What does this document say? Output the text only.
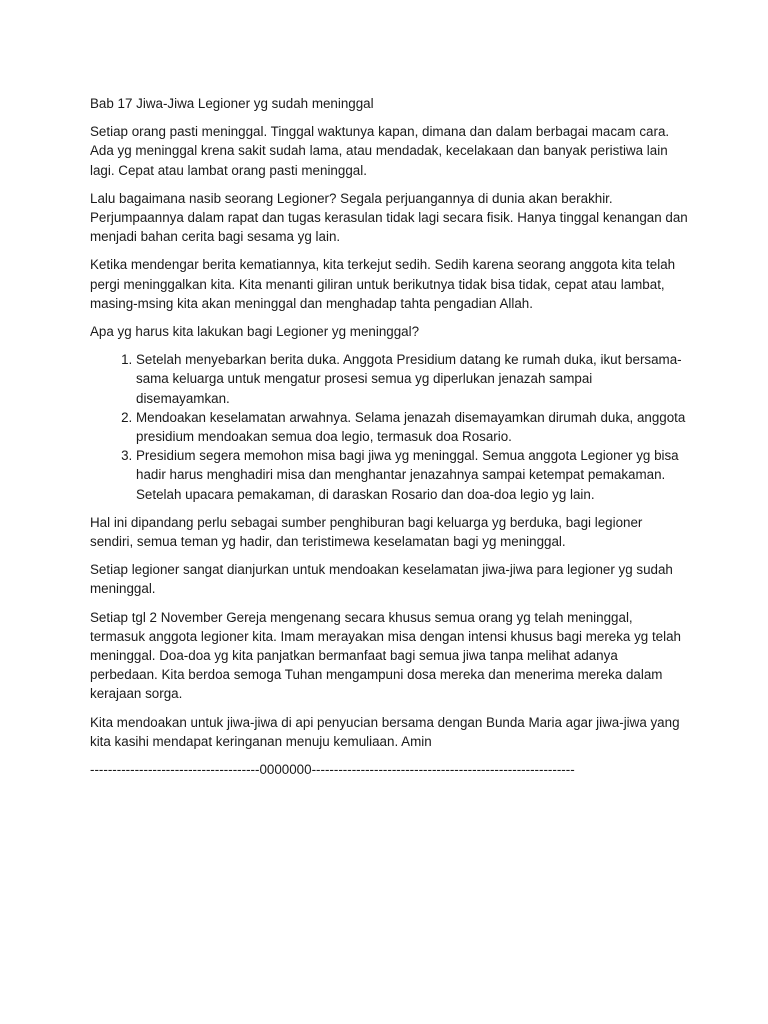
Bab 17 Jiwa-Jiwa Legioner yg sudah meninggal

Setiap orang pasti meninggal. Tinggal waktunya kapan, dimana dan dalam berbagai macam cara. Ada yg meninggal krena sakit sudah lama, atau mendadak, kecelakaan dan banyak peristiwa lain lagi. Cepat atau lambat orang pasti meninggal.

Lalu bagaimana nasib seorang Legioner? Segala perjuangannya di dunia akan berakhir. Perjumpaannya dalam rapat dan tugas kerasulan tidak lagi secara fisik. Hanya tinggal kenangan dan menjadi bahan cerita bagi sesama yg lain.

Ketika mendengar berita kematiannya, kita terkejut sedih. Sedih karena seorang anggota kita telah pergi meninggalkan kita. Kita menanti giliran untuk berikutnya tidak bisa tidak, cepat atau lambat, masing-msing kita akan meninggal dan menghadap tahta pengadian Allah.

Apa yg harus kita lakukan bagi Legioner yg meninggal?

1. Setelah menyebarkan berita duka. Anggota Presidium datang ke rumah duka, ikut bersama-sama keluarga untuk mengatur prosesi semua yg diperlukan jenazah sampai disemayamkan.
2. Mendoakan keselamatan arwahnya. Selama jenazah disemayamkan dirumah duka, anggota presidium mendoakan semua doa legio, termasuk doa Rosario.
3. Presidium segera memohon misa bagi jiwa yg meninggal. Semua anggota Legioner yg bisa hadir harus menghadiri misa dan menghantar jenazahnya sampai ketempat pemakaman. Setelah upacara pemakaman, di daraskan Rosario dan doa-doa legio yg lain.

Hal ini dipandang perlu sebagai sumber penghiburan bagi keluarga yg berduka, bagi legioner sendiri, semua teman yg hadir, dan teristimewa keselamatan bagi yg meninggal.

Setiap legioner sangat dianjurkan untuk mendoakan keselamatan jiwa-jiwa para legioner yg sudah meninggal.

Setiap tgl 2 November Gereja mengenang secara khusus semua orang yg telah meninggal, termasuk anggota legioner kita. Imam merayakan misa dengan intensi khusus bagi mereka yg telah meninggal. Doa-doa yg kita panjatkan bermanfaat bagi semua jiwa tanpa melihat adanya perbedaan. Kita berdoa semoga Tuhan mengampuni dosa mereka dan menerima mereka dalam kerajaan sorga.

Kita mendoakan untuk jiwa-jiwa di api penyucian bersama dengan Bunda Maria agar jiwa-jiwa yang kita kasihi mendapat keringanan menuju kemuliaan. Amin

--------------------------------------0000000-----------------------------------------------------------
